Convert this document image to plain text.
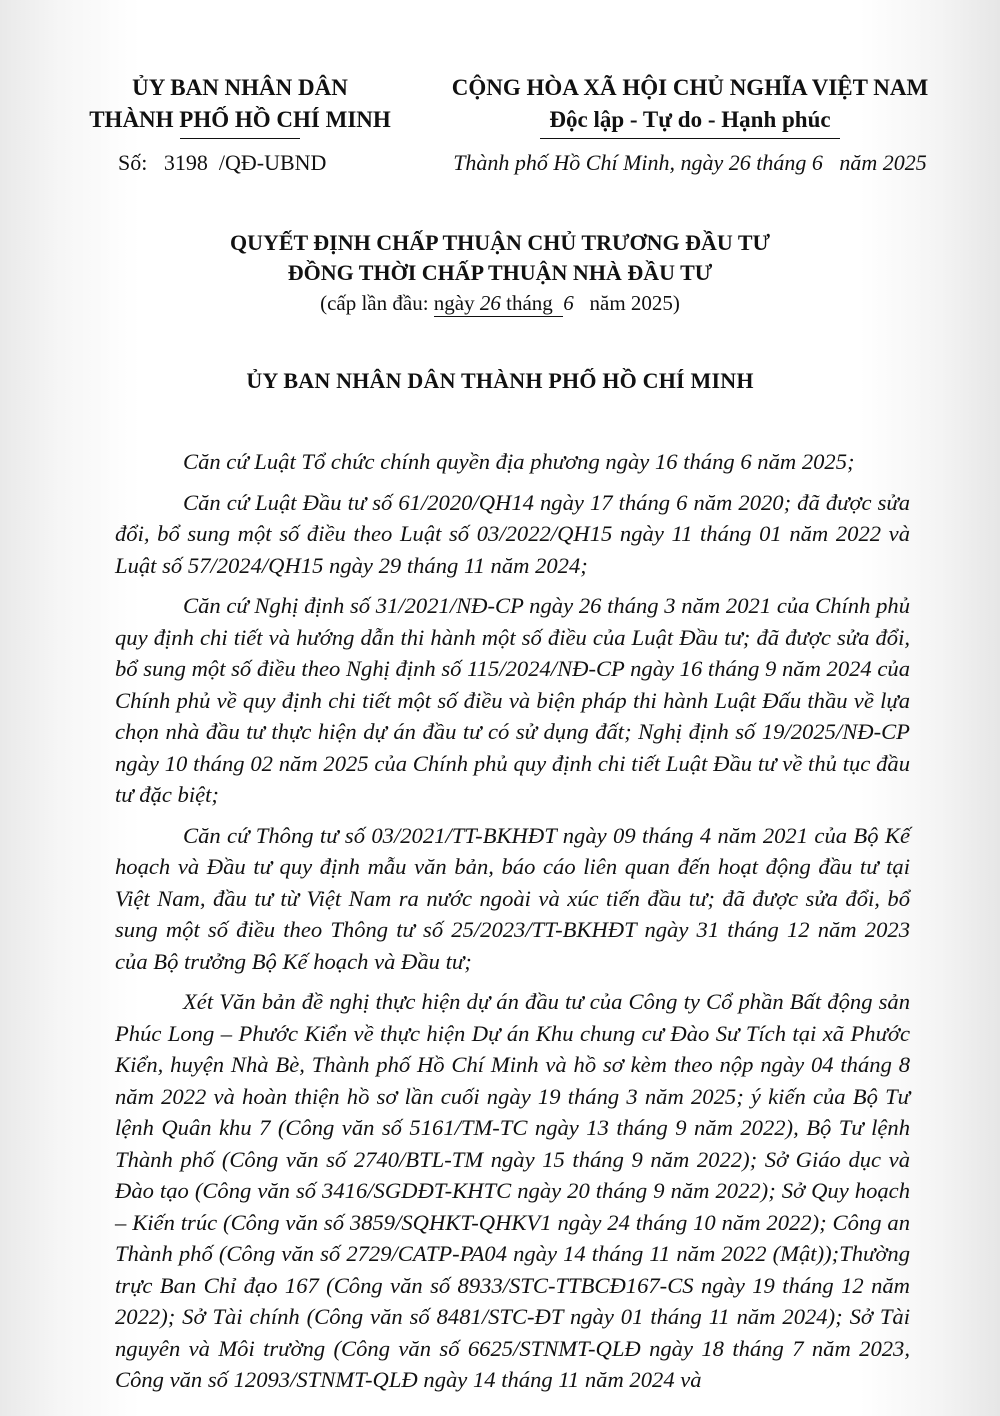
ỦY BAN NHÂN DÂN
THÀNH PHỐ HỒ CHÍ MINH
CỘNG HÒA XÃ HỘI CHỦ NGHĨA VIỆT NAM
Độc lập - Tự do - Hạnh phúc
Số: 3198 /QĐ-UBND	Thành phố Hồ Chí Minh, ngày 26 tháng 6   năm 2025
QUYẾT ĐỊNH CHẤP THUẬN CHỦ TRƯƠNG ĐẦU TƯ
ĐỒNG THỜI CHẤP THUẬN NHÀ ĐẦU TƯ
(cấp lần đầu: ngày 26 tháng 6 năm 2025)
ỦY BAN NHÂN DÂN THÀNH PHỐ HỒ CHÍ MINH

Căn cứ Luật Tổ chức chính quyền địa phương ngày 16 tháng 6 năm 2025;

Căn cứ Luật Đầu tư số 61/2020/QH14 ngày 17 tháng 6 năm 2020; đã được sửa đổi, bổ sung một số điều theo Luật số 03/2022/QH15 ngày 11 tháng 01 năm 2022 và Luật số 57/2024/QH15 ngày 29 tháng 11 năm 2024;

Căn cứ Nghị định số 31/2021/NĐ-CP ngày 26 tháng 3 năm 2021 của Chính phủ quy định chi tiết và hướng dẫn thi hành một số điều của Luật Đầu tư; đã được sửa đổi, bổ sung một số điều theo Nghị định số 115/2024/NĐ-CP ngày 16 tháng 9 năm 2024 của Chính phủ về quy định chi tiết một số điều và biện pháp thi hành Luật Đấu thầu về lựa chọn nhà đầu tư thực hiện dự án đầu tư có sử dụng đất; Nghị định số 19/2025/NĐ-CP ngày 10 tháng 02 năm 2025 của Chính phủ quy định chi tiết Luật Đầu tư về thủ tục đầu tư đặc biệt;

Căn cứ Thông tư số 03/2021/TT-BKHĐT ngày 09 tháng 4 năm 2021 của Bộ Kế hoạch và Đầu tư quy định mẫu văn bản, báo cáo liên quan đến hoạt động đầu tư tại Việt Nam, đầu tư từ Việt Nam ra nước ngoài và xúc tiến đầu tư; đã được sửa đổi, bổ sung một số điều theo Thông tư số 25/2023/TT-BKHĐT ngày 31 tháng 12 năm 2023 của Bộ trưởng Bộ Kế hoạch và Đầu tư;

Xét Văn bản đề nghị thực hiện dự án đầu tư của Công ty Cổ phần Bất động sản Phúc Long – Phước Kiển về thực hiện Dự án Khu chung cư Đào Sư Tích tại xã Phước Kiển, huyện Nhà Bè, Thành phố Hồ Chí Minh và hồ sơ kèm theo nộp ngày 04 tháng 8 năm 2022 và hoàn thiện hồ sơ lần cuối ngày 19 tháng 3 năm 2025; ý kiến của Bộ Tư lệnh Quân khu 7 (Công văn số 5161/TM-TC ngày 13 tháng 9 năm 2022), Bộ Tư lệnh Thành phố (Công văn số 2740/BTL-TM ngày 15 tháng 9 năm 2022); Sở Giáo dục và Đào tạo (Công văn số 3416/SGDĐT-KHTC ngày 20 tháng 9 năm 2022); Sở Quy hoạch – Kiến trúc (Công văn số 3859/SQHKT-QHKV1 ngày 24 tháng 10 năm 2022); Công an Thành phố (Công văn số 2729/CATP-PA04 ngày 14 tháng 11 năm 2022 (Mật));Thường trực Ban Chỉ đạo 167 (Công văn số 8933/STC-TTBCĐ167-CS ngày 19 tháng 12 năm 2022); Sở Tài chính (Công văn số 8481/STC-ĐT ngày 01 tháng 11 năm 2024); Sở Tài nguyên và Môi trường (Công văn số 6625/STNMT-QLĐ ngày 18 tháng 7 năm 2023, Công văn số 12093/STNMT-QLĐ ngày 14 tháng 11 năm 2024 và
